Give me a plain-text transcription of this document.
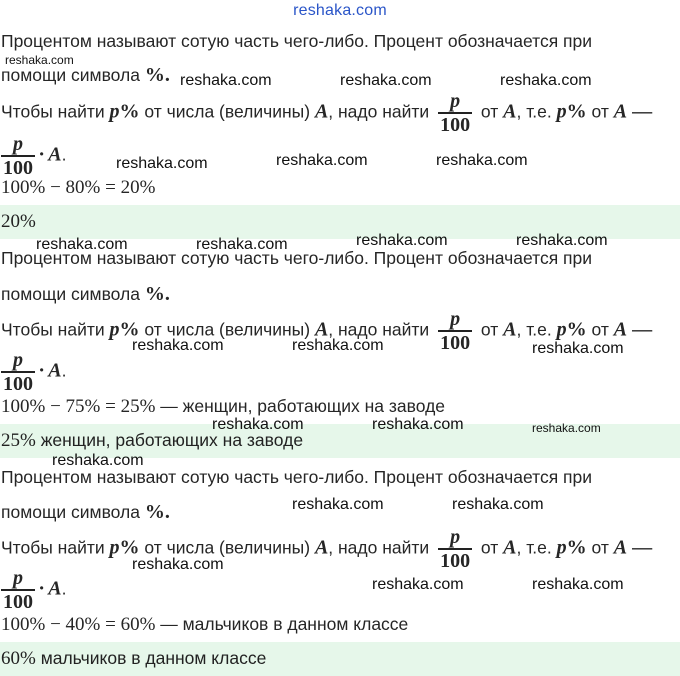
reshaka.com
Процентом называют сотую часть чего-либо. Процент обозначается при
помощи символа %.
Чтобы найти p% от числа (величины) A, надо найти $\frac{p}{100}$ от A, т.е. p% от A —
$\frac{p}{100} \cdot A$.
100% − 80% = 20%
20%
Процентом называют сотую часть чего-либо. Процент обозначается при
помощи символа %.
Чтобы найти p% от числа (величины) A, надо найти $\frac{p}{100}$ от A, т.е. p% от A —
$\frac{p}{100} \cdot A$.
100% − 75% = 25% — женщин, работающих на заводе
25% женщин, работающих на заводе
Процентом называют сотую часть чего-либо. Процент обозначается при
помощи символа %.
Чтобы найти p% от числа (величины) A, надо найти $\frac{p}{100}$ от A, т.е. p% от A —
$\frac{p}{100} \cdot A$.
100% − 40% = 60% — мальчиков в данном классе
60% мальчиков в данном классе
reshaka.com
reshaka.com	reshaka.com	reshaka.com
reshaka.com	reshaka.com	reshaka.com
reshaka.com	reshaka.com	reshaka.com	reshaka.com
reshaka.com	reshaka.com	reshaka.com
reshaka.com	reshaka.com	reshaka.com
reshaka.com
reshaka.com	reshaka.com
reshaka.com
reshaka.com	reshaka.com
